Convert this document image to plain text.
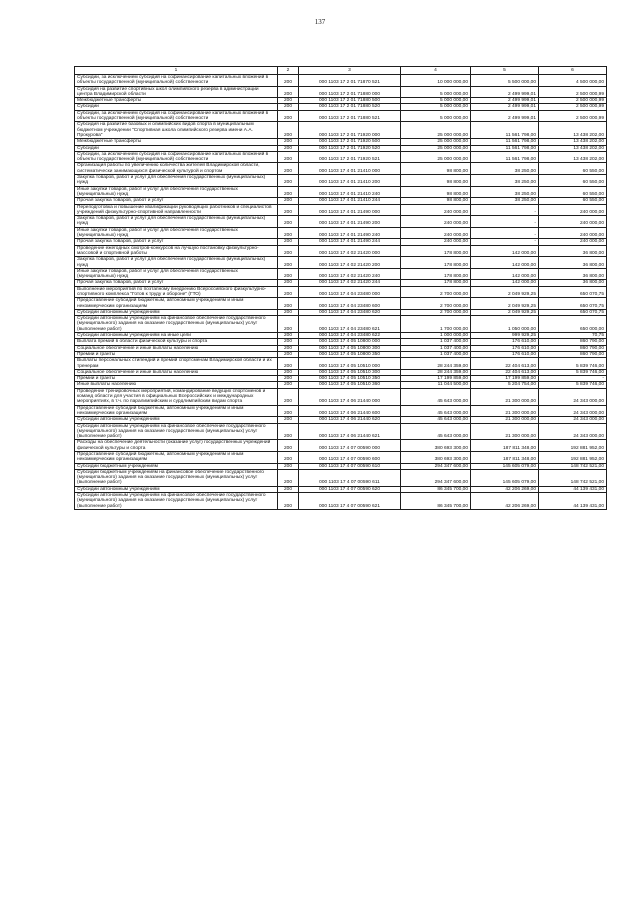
137
1	2	3	4	5	6
Субсидии, за исключением субсидий на софинансирование капитальных вложений в объекты государственной (муниципальной) собственности	200	000 1103 17 2 01 71870 521	10 000 000,00	5 500 000,00	4 500 000,00
Субсидия на развитие спортивных школ олимпийского резерва в администрации центра Владимирской области	200	000 1103 17 2 01 71880 000	5 000 000,00	2 499 999,01	2 500 000,99
Межбюджетные трансферты	200	000 1103 17 2 01 71880 500	5 000 000,00	2 499 999,01	2 500 000,99
Субсидии	200	000 1103 17 2 01 71880 520	5 000 000,00	2 499 999,01	2 500 000,99
Субсидии, за исключением субсидий на софинансирование капитальных вложений в объекты государственной (муниципальной) собственности	200	000 1103 17 2 01 71880 521	5 000 000,00	2 499 999,01	2 500 000,99
Субсидия на развитие базовых и олимпийских видов спорта в муниципальным бюджетном учреждении "Спортивная школа олимпийского резерва имени А.А. Прокурова"	200	000 1103 17 2 01 71920 000	25 000 000,00	11 561 798,00	13 438 202,00
Межбюджетные трансферты	200	000 1103 17 2 01 71920 500	25 000 000,00	11 561 798,00	13 438 202,00
Субсидии	200	000 1103 17 2 01 71920 520	25 000 000,00	11 561 798,00	13 438 202,00
Субсидии, за исключением субсидий на софинансирование капитальных вложений в объекты государственной (муниципальной) собственности	200	000 1103 17 2 01 71920 521	25 000 000,00	11 561 798,00	13 438 202,00
Организация работы по увеличению количества жителей Владимирской области, систематически занимающихся физической культурой и спортом	200	000 1103 17 4 01 21410 000	98 800,00	38 250,00	60 550,00
Закупка товаров, работ и услуг для обеспечения государственных (муниципальных) нужд	200	000 1103 17 4 01 21410 200	98 800,00	38 250,00	60 550,00
Иные закупки товаров, работ и услуг для обеспечения государственных (муниципальных) нужд	200	000 1103 17 4 01 21410 240	98 800,00	38 250,00	60 550,00
Прочая закупка товаров, работ и услуг	200	000 1103 17 4 01 21410 244	98 800,00	38 250,00	60 550,00
Переподготовка и повышение квалификации руководящих работников и специалистов учреждений физкультурно-спортивной направленности	200	000 1103 17 4 01 21490 000	240 000,00	-	240 000,00
Закупка товаров, работ и услуг для обеспечения государственных (муниципальных) нужд	200	000 1103 17 4 01 21490 200	240 000,00	-	240 000,00
Иные закупки товаров, работ и услуг для обеспечения государственных (муниципальных) нужд	200	000 1103 17 4 01 21490 240	240 000,00	-	240 000,00
Прочая закупка товаров, работ и услуг	200	000 1103 17 4 01 21490 244	240 000,00	-	240 000,00
Проведение ежегодных смотров-конкурсов на лучшую постановку физкультурно-массовой и спортивной работы	200	000 1103 17 4 02 21420 000	178 800,00	142 000,00	36 800,00
Закупка товаров, работ и услуг для обеспечения государственных (муниципальных) нужд	200	000 1103 17 4 02 21420 200	178 800,00	142 000,00	36 800,00
Иные закупки товаров, работ и услуг для обеспечения государственных (муниципальных) нужд	200	000 1103 17 4 02 21420 240	178 800,00	142 000,00	36 800,00
Прочая закупка товаров, работ и услуг	200	000 1103 17 4 02 21420 244	178 800,00	142 000,00	36 800,00
Выполнение мероприятий по поэтапному внедрению Всероссийского физкультурно-спортивного комплекса "Готов к труду и обороне" (ГТО)	200	000 1103 17 4 04 23480 000	2 700 000,00	2 049 929,25	650 070,75
Предоставление субсидий бюджетным, автономным учреждениям и иным некоммерческим организациям	200	000 1103 17 4 04 23480 600	2 700 000,00	2 049 929,25	650 070,75
Субсидии автономным учреждениям	200	000 1103 17 4 04 23480 620	2 700 000,00	2 049 929,25	650 070,75
Субсидии автономным учреждениям на финансовое обеспечение государственного (муниципального) задания на оказание государственных (муниципальных) услуг (выполнение работ)	200	000 1103 17 4 04 23480 621	1 700 000,00	1 050 000,00	650 000,00
Субсидии автономным учреждениям на иные цели	200	000 1103 17 4 04 23480 622	1 000 000,00	999 929,25	70,75
Выплата премий в области физической культуры и спорта	200	000 1103 17 4 05 10800 000	1 037 400,00	176 610,00	860 790,00
Социальное обеспечение и иные выплаты населению	200	000 1103 17 4 05 10800 300	1 037 400,00	176 610,00	860 790,00
Премии и гранты	200	000 1103 17 4 05 10800 350	1 037 400,00	176 610,00	860 790,00
Выплаты персональных стипендий и премий спортсменам Владимирской области и их тренерам	200	000 1103 17 4 05 10510 000	28 244 359,00	22 404 613,00	5 839 746,00
Социальное обеспечение и иные выплаты населению	200	000 1103 17 4 05 10510 300	28 244 359,00	22 404 613,00	5 839 746,00
Премии и гранты	200	000 1103 17 4 05 10510 350	17 199 859,00	17 199 859,00	-
Иные выплаты населению	200	000 1103 17 4 05 10510 360	11 044 500,00	5 204 754,00	5 839 746,00
Проведение тренировочных мероприятий, командирование ведущих спортсменов и команд области для участия в официальных Всероссийских и международных мероприятиях, в т.ч. по паралимпийским и сурдлимпийским видам спорта	200	000 1103 17 4 06 21440 000	45 643 000,00	21 300 000,00	24 343 000,00
Предоставление субсидий бюджетным, автономным учреждениям и иным некоммерческим организациям	200	000 1103 17 4 06 21440 600	45 643 000,00	21 300 000,00	24 343 000,00
Субсидии автономным учреждениям	200	000 1103 17 4 06 21440 620	45 643 000,00	21 300 000,00	24 343 000,00
Субсидии автономным учреждениям на финансовое обеспечение государственного (муниципального) задания на оказание государственных (муниципальных) услуг (выполнение работ)	200	000 1103 17 4 06 21440 621	45 643 000,00	21 300 000,00	24 343 000,00
Расходы на обеспечение деятельности (оказание услуг) государственных учреждений физической культуры и спорта	200	000 1103 17 4 07 00590 000	380 693 300,00	187 811 348,00	192 881 952,00
Предоставление субсидий бюджетным, автономным учреждениям и иным некоммерческим организациям	200	000 1103 17 4 07 00590 600	380 693 300,00	187 811 348,00	192 881 952,00
Субсидии бюджетным учреждениям	200	000 1103 17 4 07 00590 610	294 347 600,00	145 605 079,00	148 742 521,00
Субсидии бюджетным учреждениям на финансовое обеспечение государственного (муниципального) задания на оказание государственных (муниципальных) услуг (выполнение работ)	200	000 1103 17 4 07 00590 611	294 347 600,00	145 605 079,00	148 742 521,00
Субсидии автономным учреждениям	200	000 1103 17 4 07 00590 620	86 345 700,00	42 206 269,00	44 139 431,00
Субсидии автономным учреждениям на финансовое обеспечение государственного (муниципального) задания на оказание государственных (муниципальных) услуг (выполнение работ)	200	000 1103 17 4 07 00590 621	86 345 700,00	42 206 269,00	44 139 431,00
